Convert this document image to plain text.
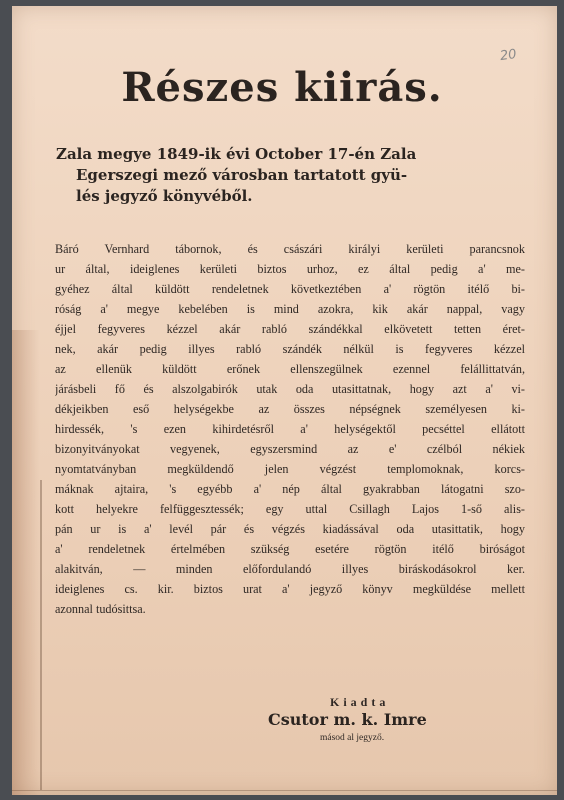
20
Részes kiirás.
Zala megye 1849-ik évi October 17-én Zala
Egerszegi mező városban tartatott gyü-
lés jegyző könyvéből.
Báró Vernhard tábornok, és császári királyi kerületi parancsnok
ur által, ideiglenes kerületi biztos urhoz, ez által pedig a' me-
gyéhez által küldött rendeletnek következtében a' rögtön itélő bi-
róság a' megye kebelében is mind azokra, kik akár nappal, vagy
éjjel fegyveres kézzel akár rabló szándékkal elkövetett tetten éret-
nek, akár pedig illyes rabló szándék nélkül is fegyveres kézzel
az ellenük küldött erőnek ellenszegülnek ezennel felállittatván,
járásbeli fő és alszolgabirók utak oda utasittatnak, hogy azt a' vi-
dékjeikben eső helységekbe az összes népségnek személyesen ki-
hirdessék, 's ezen kihirdetésről a' helységektől pecséttel ellátott
bizonyitványokat vegyenek, egyszersmind az e' czélból nékiek
nyomtatványban megküldendő jelen végzést templomoknak, korcs-
máknak ajtaira, 's egyébb a' nép által gyakrabban látogatni szo-
kott helyekre felfüggesztessék; egy uttal Csillagh Lajos 1-ső alis-
pán ur is a' levél pár és végzés kiadássával oda utasittatik, hogy
a' rendeletnek értelmében szükség esetére rögtön itélő biróságot
alakitván, — minden előfordulandó illyes biráskodásokrol ker.
ideiglenes cs. kir. biztos urat a' jegyző könyv megküldése mellett
azonnal tudósittsa.
Kiadta
Csutor m. k. Imre
másod al jegyző.
